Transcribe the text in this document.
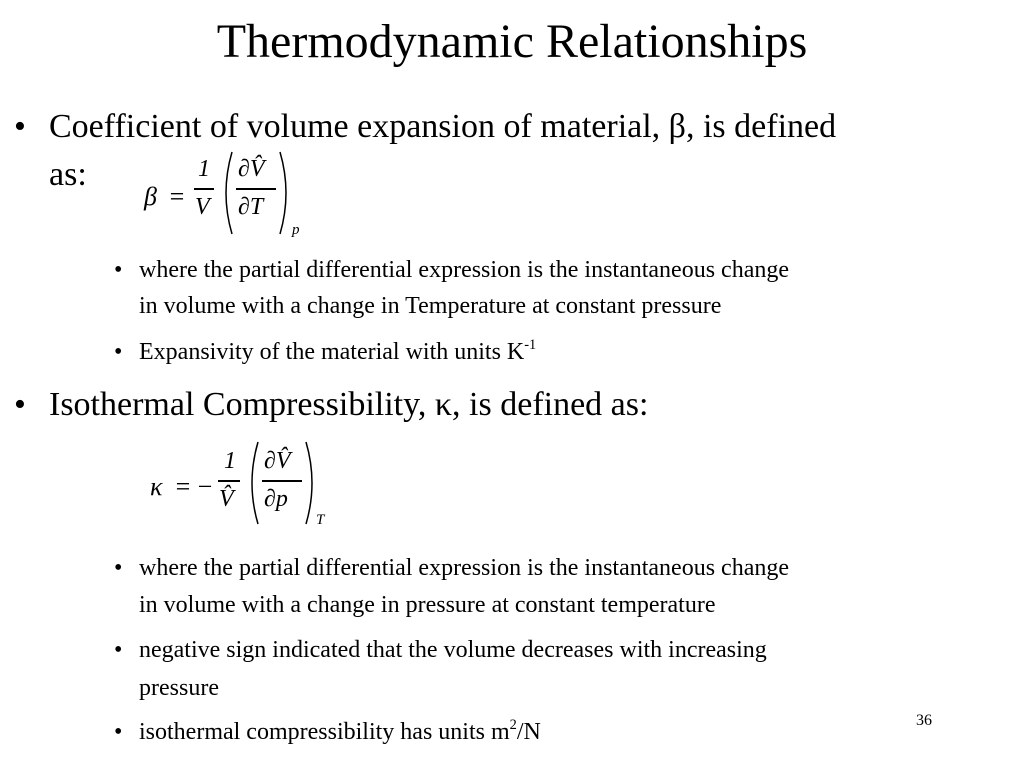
Thermodynamic Relationships
• Coefficient of volume expansion of material, β, is defined
as:
β =
1
V
∂V̂
∂T
p
• where the partial differential expression is the instantaneous change
in volume with a change in Temperature at constant pressure
• Expansivity of the material with units $K^{-1}$
• Isothermal Compressibility, κ, is defined as:
κ = −
1
V̂
∂V̂
∂p
T
• where the partial differential expression is the instantaneous change
in volume with a change in pressure at constant temperature
• negative sign indicated that the volume decreases with increasing
pressure
• isothermal compressibility has units $m^2/N$	36
